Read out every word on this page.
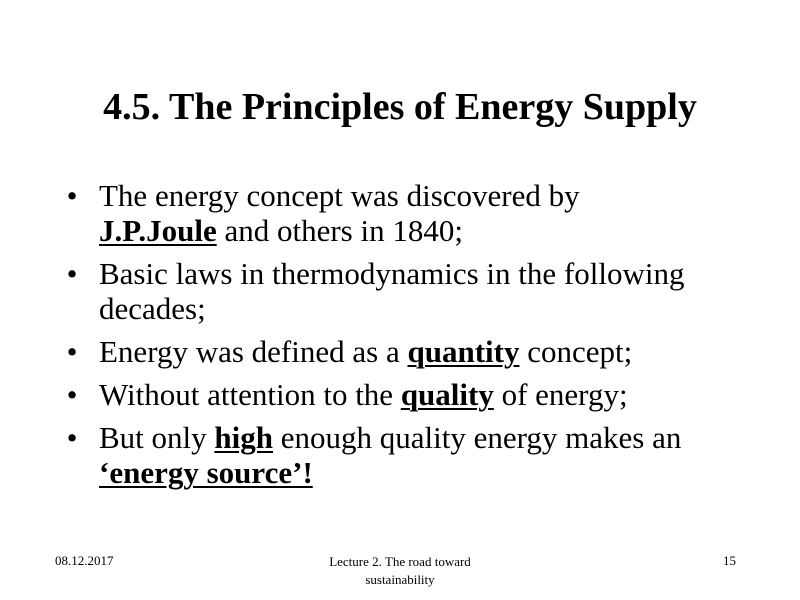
4.5. The Principles of Energy Supply
• The energy concept was discovered by
J.P.Joule and others in 1840;
• Basic laws in thermodynamics in the following decades;
• Energy was defined as a quantity concept;
• Without attention to the quality of energy;
• But only high enough quality energy makes an ‘energy source’!
08.12.2017	Lecture 2. The road toward sustainability
15
